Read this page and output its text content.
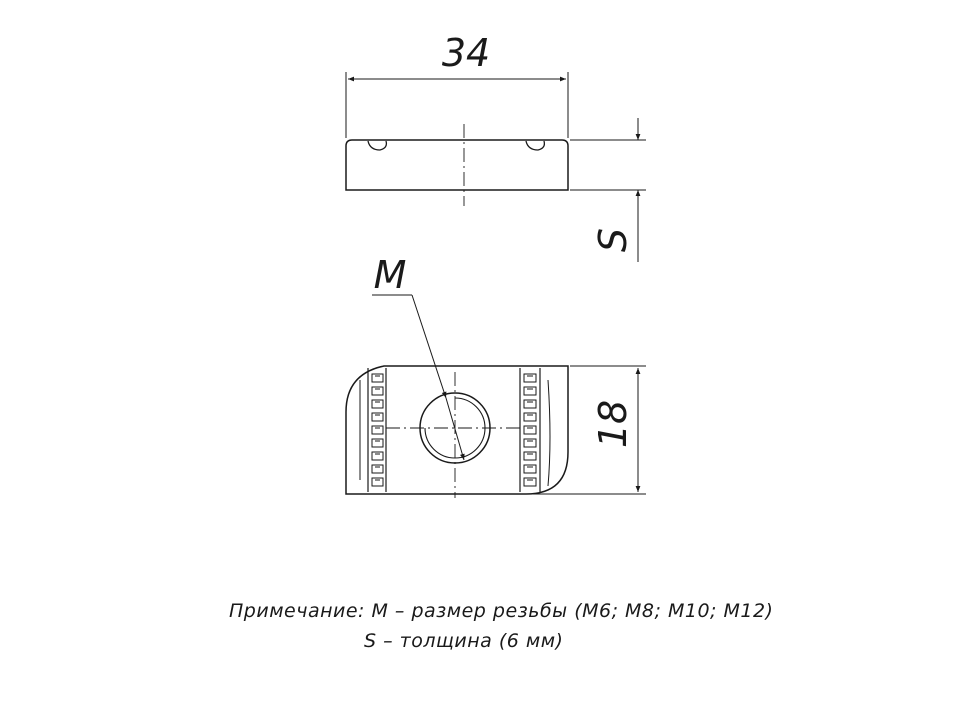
34
S
M
18
Примечание: М – размер резьбы (М6; М8; М10; М12)
S – толщина (6 мм)
